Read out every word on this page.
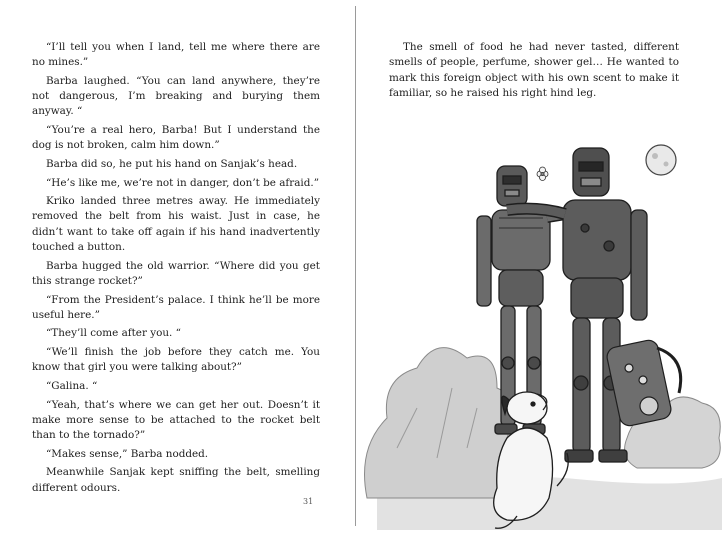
“I’ll tell you when I land, tell me where there are no mines.”

Barba laughed. “You can land anywhere, they’re not dangerous, I’m breaking and burying them anyway. “

“You’re a real hero, Barba! But I understand the dog is not broken, calm him down.”

Barba did so, he put his hand on Sanjak’s head.

“He’s like me, we’re not in danger, don’t be afraid.”

Kriko landed three metres away. He immediately removed the belt from his waist. Just in case, he didn’t want to take off again if his hand inadvertently touched a button.

Barba hugged the old warrior. “Where did you get this strange rocket?”

“From the President’s palace. I think he’ll be more useful here.”

“They’ll come after you. “

“We’ll finish the job before they catch me. You know that girl you were talking about?”

“Galina. “

“Yeah, that’s where we can get her out. Doesn’t it make more sense to be attached to the rocket belt than to the tornado?”

“Makes sense,” Barba nodded.

Meanwhile Sanjak kept sniffing the belt, smelling different odours.

31

The smell of food he had never tasted, different smells of people, perfume, shower gel… He wanted to mark this foreign object with his own scent to make it familiar, so he raised his right hind leg.
